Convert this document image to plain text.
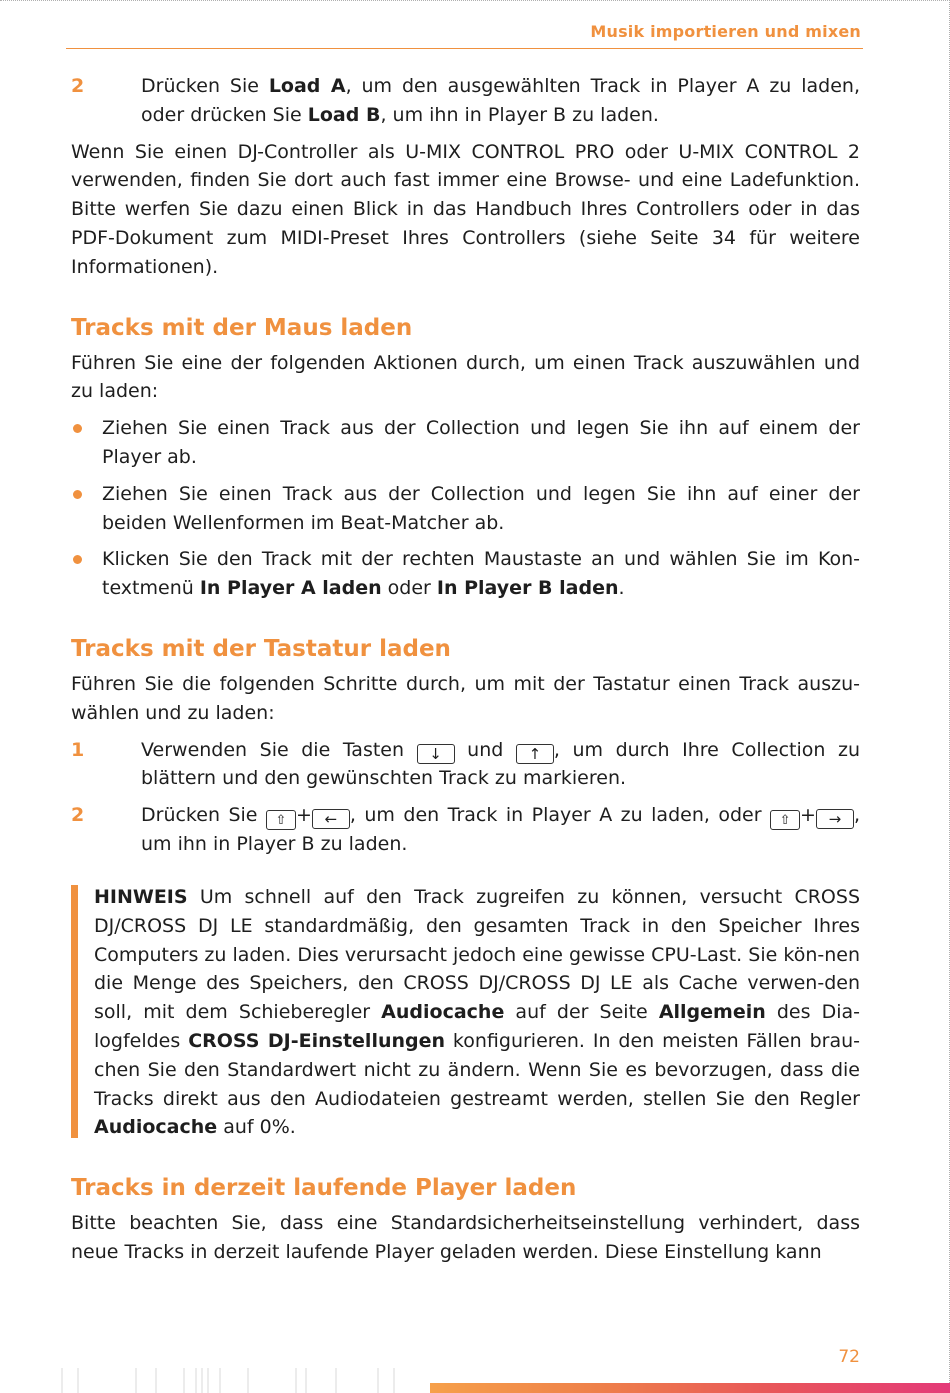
Musik importieren und mixen
2	Drücken Sie Load A, um den ausgewählten Track in Player A zu laden, oder drücken Sie Load B, um ihn in Player B zu laden.

Wenn Sie einen DJ-Controller als U-MIX CONTROL PRO oder U-MIX CONTROL 2 verwenden, finden Sie dort auch fast immer eine Browse- und eine Ladefunktion. Bitte werfen Sie dazu einen Blick in das Handbuch Ihres Controllers oder in das PDF-Dokument zum MIDI-Preset Ihres Controllers (siehe Seite 34 für weitere Informationen).

Tracks mit der Maus laden

Führen Sie eine der folgenden Aktionen durch, um einen Track auszuwählen und zu laden:

Ziehen Sie einen Track aus der Collection und legen Sie ihn auf einem der Player ab.

Ziehen Sie einen Track aus der Collection und legen Sie ihn auf einer der beiden Wellenformen im Beat-Matcher ab.

Klicken Sie den Track mit der rechten Maustaste an und wählen Sie im Kon-textmenü In Player A laden oder In Player B laden.

Tracks mit der Tastatur laden

Führen Sie die folgenden Schritte durch, um mit der Tastatur einen Track auszu-wählen und zu laden:

1	Verwenden Sie die Tasten ↓ und ↑ , um durch Ihre Collection zu blättern und den gewünschten Track zu markieren.

2	Drücken Sie ⇧ + ← , um den Track in Player A zu laden, oder ⇧ + → , um ihn in Player B zu laden.

HINWEIS Um schnell auf den Track zugreifen zu können, versucht CROSS DJ/CROSS DJ LE standardmäßig, den gesamten Track in den Speicher Ihres Computers zu laden. Dies verursacht jedoch eine gewisse CPU-Last. Sie kön-nen die Menge des Speichers, den CROSS DJ/CROSS DJ LE als Cache verwen-den soll, mit dem Schieberegler Audiocache auf der Seite Allgemein des Dia-logfeldes CROSS DJ-Einstellungen konfigurieren. In den meisten Fällen brau-chen Sie den Standardwert nicht zu ändern. Wenn Sie es bevorzugen, dass die Tracks direkt aus den Audiodateien gestreamt werden, stellen Sie den Regler Audiocache auf 0%.

Tracks in derzeit laufende Player laden

Bitte beachten Sie, dass eine Standardsicherheitseinstellung verhindert, dass neue Tracks in derzeit laufende Player geladen werden. Diese Einstellung kann

72
